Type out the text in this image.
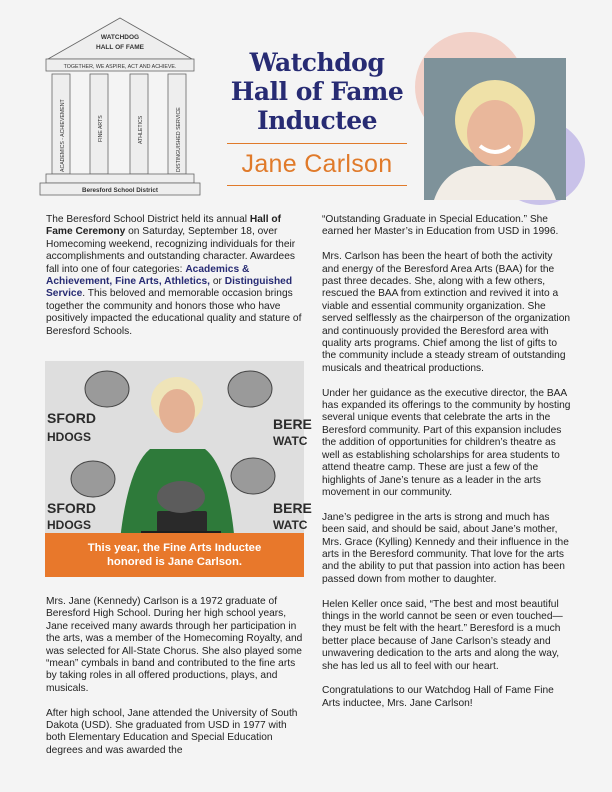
WATCHDOG
HALL OF FAME
TOGETHER, WE ASPIRE, ACT AND ACHIEVE.
ACADEMICS - ACHIEVEMENT	FINE ARTS	ATHLETICS	DISTINGUISHED SERVICE
Beresford School District
Watchdog
Hall of Fame
Inductee
Jane Carlson

The Beresford School District held its annual Hall of Fame Ceremony on Saturday, September 18, over Homecoming weekend, recognizing individuals for their accomplishments and outstanding character. Awardees fall into one of four categories: Academics & Achievement, Fine Arts, Athletics, or Distinguished Service. This beloved and memorable occasion brings together the community and honors those who have positively impacted the educational quality and stature of Beresford Schools.

SFORD
HDOGS
SFORD
HDOGS
BERE
WATC
BERE
WATC
This year, the Fine Arts Inductee
honored is Jane Carlson.

Mrs. Jane (Kennedy) Carlson is a 1972 graduate of Beresford High School. During her high school years, Jane received many awards through her participation in the arts, was a member of the Homecoming Royalty, and was selected for All-State Chorus. She also played some “mean” cymbals in band and contributed to the fine arts by taking roles in all offered productions, plays, and musicals.

After high school, Jane attended the University of South Dakota (USD). She graduated from USD in 1977 with both Elementary Education and Special Education degrees and was awarded the

“Outstanding Graduate in Special Education.” She earned her Master’s in Education from USD in 1996.

Mrs. Carlson has been the heart of both the activity and energy of the Beresford Area Arts (BAA) for the past three decades. She, along with a few others, rescued the BAA from extinction and revived it into a viable and essential community organization. She served selflessly as the chairperson of the organization and continuously provided the Beresford area with quality arts programs. Chief among the list of gifts to the community include a steady stream of outstanding musicals and theatrical productions.

Under her guidance as the executive director, the BAA has expanded its offerings to the community by hosting several unique events that celebrate the arts in the Beresford community. Part of this expansion includes the addition of opportunities for children’s theatre as well as establishing scholarships for area students to attend theatre camp. These are just a few of the highlights of Jane’s tenure as a leader in the arts movement in our community.

Jane’s pedigree in the arts is strong and much has been said, and should be said, about Jane’s mother, Mrs. Grace (Kylling) Kennedy and their influence in the arts in the Beresford community. That love for the arts and the ability to put that passion into action has been passed down from mother to daughter.

Helen Keller once said, “The best and most beautiful things in the world cannot be seen or even touched—they must be felt with the heart.” Beresford is a much better place because of Jane Carlson’s steady and unwavering dedication to the arts and along the way, she has led us all to feel with our heart.

Congratulations to our Watchdog Hall of Fame Fine Arts inductee, Mrs. Jane Carlson!
